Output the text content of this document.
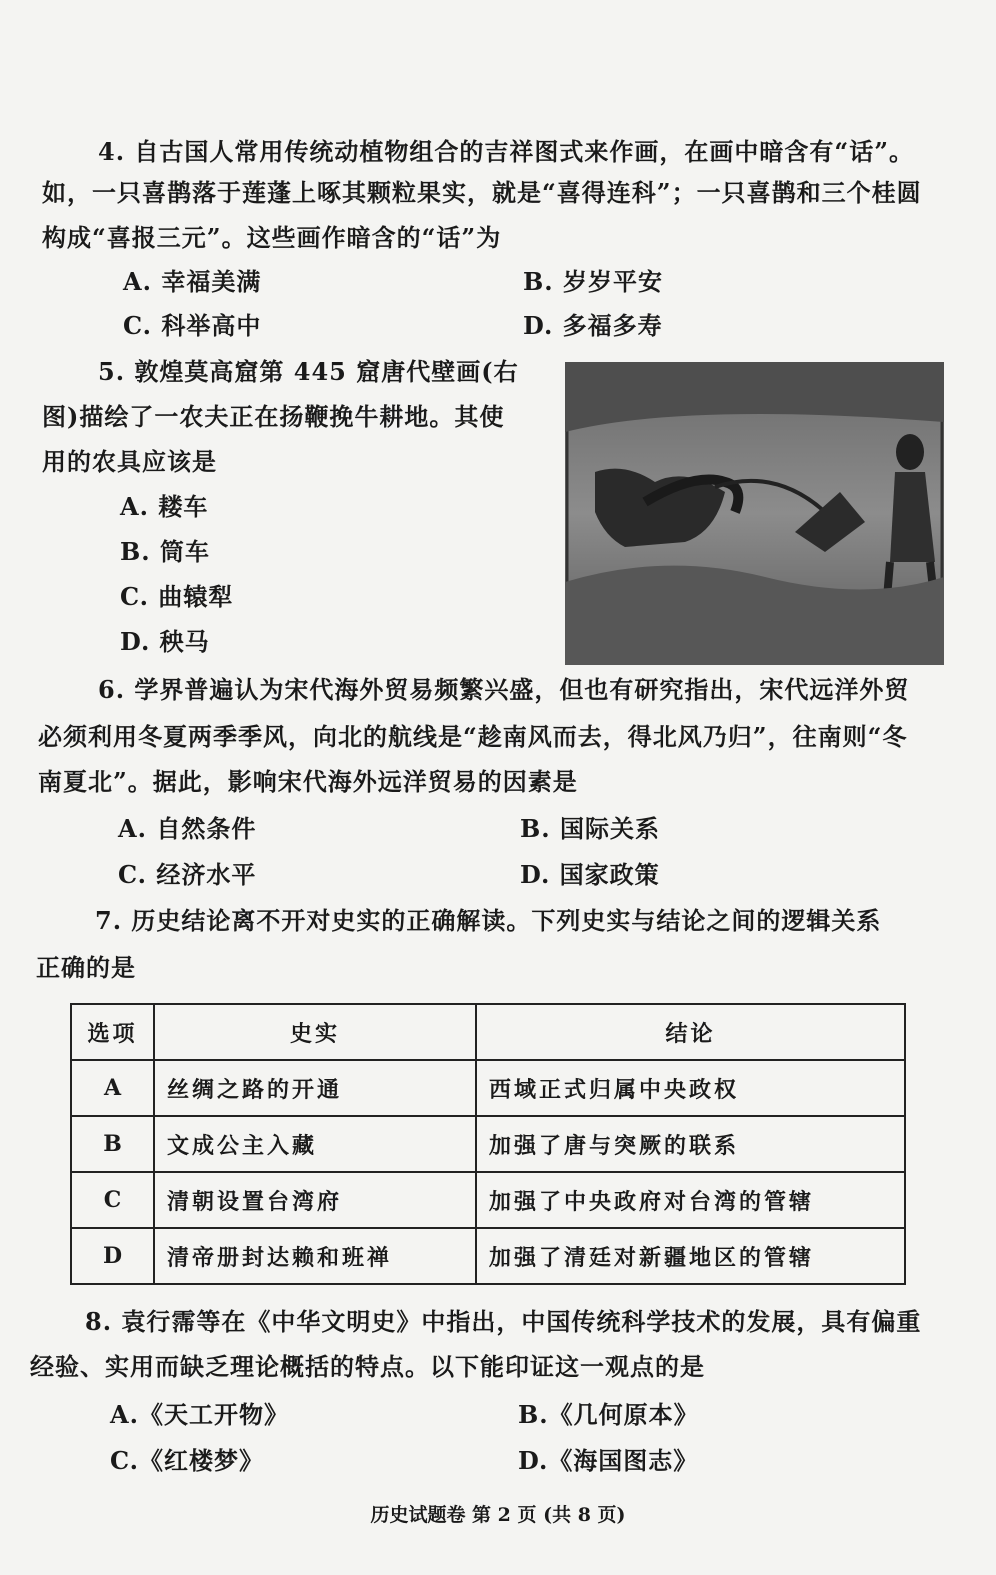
4. 自古国人常用传统动植物组合的吉祥图式来作画，在画中暗含有“话”。
如，一只喜鹊落于莲蓬上啄其颗粒果实，就是“喜得连科”；一只喜鹊和三个桂圆
构成“喜报三元”。这些画作暗含的“话”为
A. 幸福美满	B. 岁岁平安
C. 科举高中	D. 多福多寿
5. 敦煌莫高窟第 445 窟唐代壁画(右
图)描绘了一农夫正在扬鞭挽牛耕地。其使
用的农具应该是
A. 耧车
B. 筒车
C. 曲辕犁
D. 秧马
6. 学界普遍认为宋代海外贸易频繁兴盛，但也有研究指出，宋代远洋外贸
必须利用冬夏两季季风，向北的航线是“趁南风而去，得北风乃归”，往南则“冬
南夏北”。据此，影响宋代海外远洋贸易的因素是
A. 自然条件	B. 国际关系
C. 经济水平	D. 国家政策
7. 历史结论离不开对史实的正确解读。下列史实与结论之间的逻辑关系
正确的是
选项	史实	结论
A	丝绸之路的开通	西域正式归属中央政权
B	文成公主入藏	加强了唐与突厥的联系
C	清朝设置台湾府	加强了中央政府对台湾的管辖
D	清帝册封达赖和班禅	加强了清廷对新疆地区的管辖
8. 袁行霈等在《中华文明史》中指出，中国传统科学技术的发展，具有偏重
经验、实用而缺乏理论概括的特点。以下能印证这一观点的是
A.《天工开物》	B.《几何原本》
C.《红楼梦》	D.《海国图志》
历史试题卷 第 2 页 (共 8 页)
